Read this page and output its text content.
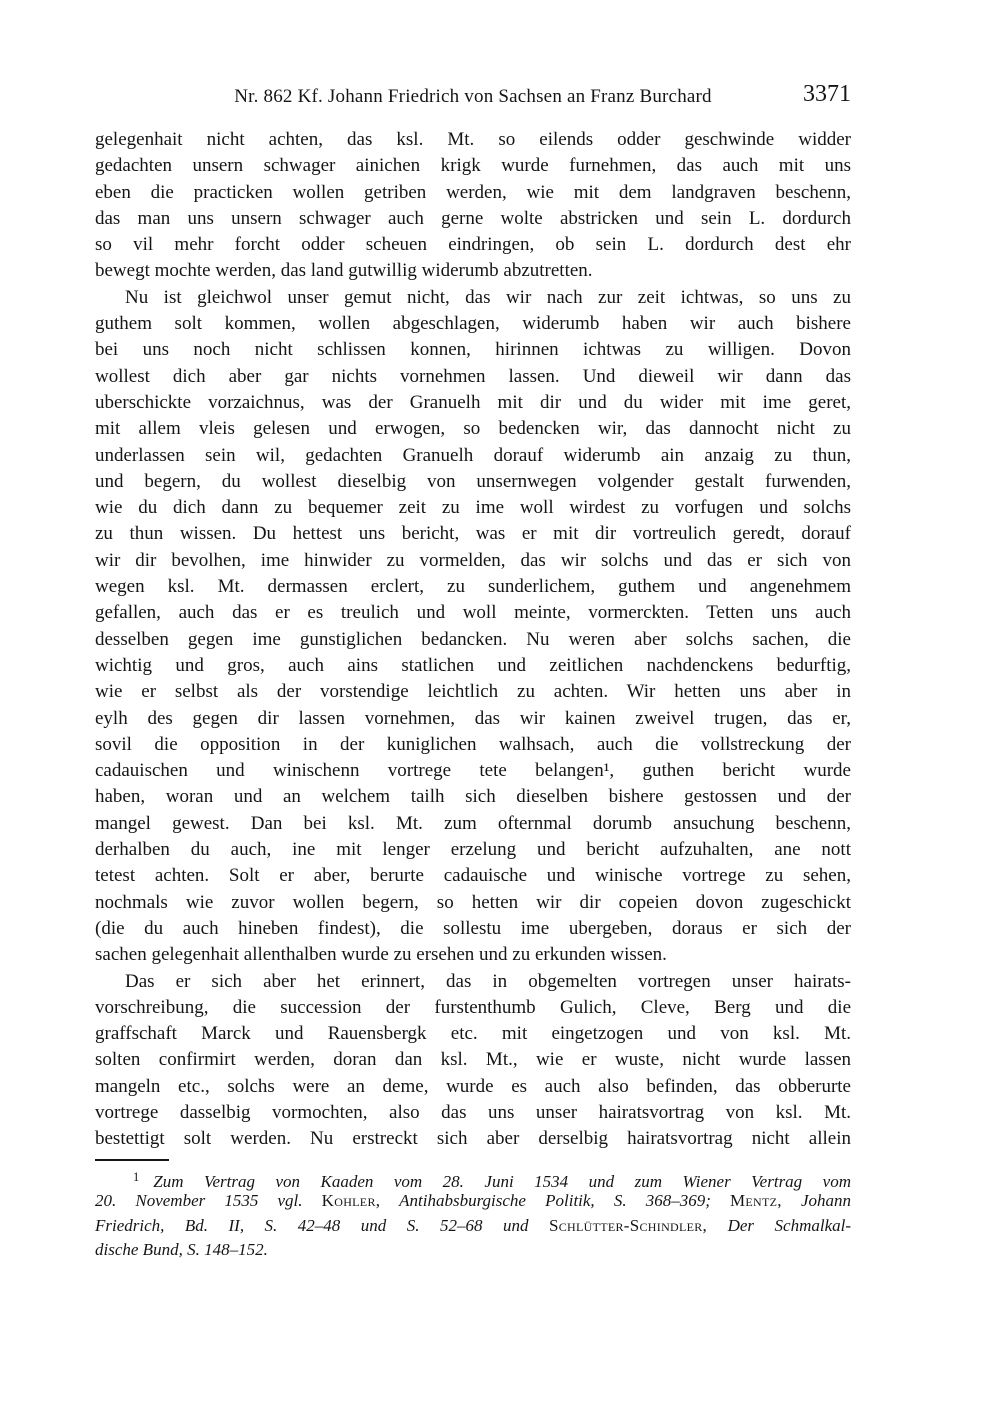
Nr. 862 Kf. Johann Friedrich von Sachsen an Franz Burchard	3371
gelegenhait nicht achten, das ksl. Mt. so eilends odder geschwinde widder
gedachten unsern schwager ainichen krigk wurde furnehmen, das auch mit uns
eben die practicken wollen getriben werden, wie mit dem landgraven beschenn,
das man uns unsern schwager auch gerne wolte abstricken und sein L. dordurch
so vil mehr forcht odder scheuen eindringen, ob sein L. dordurch dest ehr
bewegt mochte werden, das land gutwillig widerumb abzutretten.
Nu ist gleichwol unser gemut nicht, das wir nach zur zeit ichtwas, so uns zu
guthem solt kommen, wollen abgeschlagen, widerumb haben wir auch bishere
bei uns noch nicht schlissen konnen, hirinnen ichtwas zu willigen. Dovon
wollest dich aber gar nichts vornehmen lassen. Und dieweil wir dann das
uberschickte vorzaichnus, was der Granuelh mit dir und du wider mit ime geret,
mit allem vleis gelesen und erwogen, so bedencken wir, das dannocht nicht zu
underlassen sein wil, gedachten Granuelh dorauf widerumb ain anzaig zu thun,
und begern, du wollest dieselbig von unsernwegen volgender gestalt furwenden,
wie du dich dann zu bequemer zeit zu ime woll wirdest zu vorfugen und solchs
zu thun wissen. Du hettest uns bericht, was er mit dir vortreulich geredt, dorauf
wir dir bevolhen, ime hinwider zu vormelden, das wir solchs und das er sich von
wegen ksl. Mt. dermassen erclert, zu sunderlichem, guthem und angenehmem
gefallen, auch das er es treulich und woll meinte, vormerckten. Tetten uns auch
desselben gegen ime gunstiglichen bedancken. Nu weren aber solchs sachen, die
wichtig und gros, auch ains statlichen und zeitlichen nachdenckens bedurftig,
wie er selbst als der vorstendige leichtlich zu achten. Wir hetten uns aber in
eylh des gegen dir lassen vornehmen, das wir kainen zweivel trugen, das er,
sovil die opposition in der kuniglichen walhsach, auch die vollstreckung der
cadauischen und winischenn vortrege tete belangen¹, guthen bericht wurde
haben, woran und an welchem tailh sich dieselben bishere gestossen und der
mangel gewest. Dan bei ksl. Mt. zum ofternmal dorumb ansuchung beschenn,
derhalben du auch, ine mit lenger erzelung und bericht aufzuhalten, ane nott
tetest achten. Solt er aber, berurte cadauische und winische vortrege zu sehen,
nochmals wie zuvor wollen begern, so hetten wir dir copeien dovon zugeschickt
(die du auch hineben findest), die sollestu ime ubergeben, doraus er sich der
sachen gelegenhait allenthalben wurde zu ersehen und zu erkunden wissen.
Das er sich aber het erinnert, das in obgemelten vortregen unser hairats-
vorschreibung, die succession der furstenthumb Gulich, Cleve, Berg und die
graffschaft Marck und Rauensbergk etc. mit eingetzogen und von ksl. Mt.
solten confirmirt werden, doran dan ksl. Mt., wie er wuste, nicht wurde lassen
mangeln etc., solchs were an deme, wurde es auch also befinden, das obberurte
vortrege dasselbig vormochten, also das uns unser hairatsvortrag von ksl. Mt.
bestettigt solt werden. Nu erstreckt sich aber derselbig hairatsvortrag nicht allein
$^1$ Zum Vertrag von Kaaden vom 28. Juni 1534 und zum Wiener Vertrag vom
20. November 1535 vgl. Kohler, Antihabsburgische Politik, S. 368–369; Mentz, Johann
Friedrich, Bd. II, S. 42–48 und S. 52–68 und Schlütter-Schindler, Der Schmalkal-
dische Bund, S. 148–152.
